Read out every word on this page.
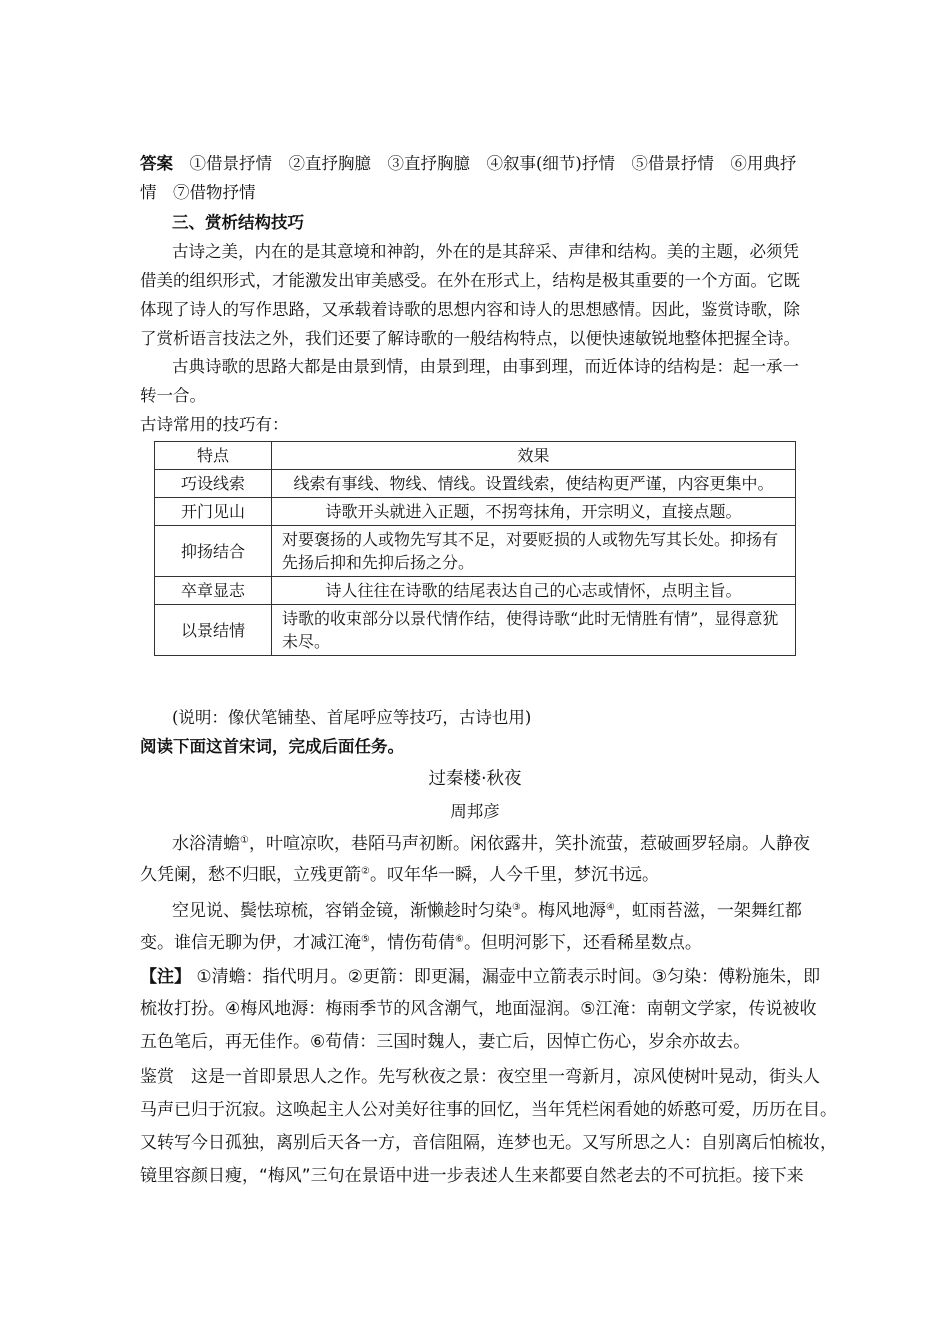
答案　 ①借景抒情　②直抒胸臆　③直抒胸臆　④叙事(细节)抒情　⑤借景抒情　⑥用典抒
情　⑦借物抒情
三、赏析结构技巧
古诗之美，内在的是其意境和神韵，外在的是其辞采、声律和结构。美的主题，必须凭
借美的组织形式，才能激发出审美感受。在外在形式上，结构是极其重要的一个方面。它既
体现了诗人的写作思路，又承载着诗歌的思想内容和诗人的思想感情。因此，鉴赏诗歌，除
了赏析语言技法之外，我们还要了解诗歌的一般结构特点，以便快速敏锐地整体把握全诗。
古典诗歌的思路大都是由景到情，由景到理，由事到理，而近体诗的结构是：起一承一
转一合。
古诗常用的技巧有：
特点	效果
巧设线索	线索有事线、物线、情线。设置线索，使结构更严谨，内容更集中。
开门见山	诗歌开头就进入正题，不拐弯抹角，开宗明义，直接点题。
抑扬结合	对要褒扬的人或物先写其不足，对要贬损的人或物先写其长处。抑扬有先扬后抑和先抑后扬之分。
卒章显志	诗人往往在诗歌的结尾表达自己的心志或情怀，点明主旨。
以景结情	诗歌的收束部分以景代情作结，使得诗歌“此时无情胜有情”，显得意犹未尽。
(说明：像伏笔铺垫、首尾呼应等技巧，古诗也用)
阅读下面这首宋词，完成后面任务。
过秦楼·秋夜
周邦彦
水浴清蟾①，叶喧凉吹，巷陌马声初断。闲依露井，笑扑流萤，惹破画罗轻扇。人静夜
久凭阑，愁不归眠，立残更箭②。叹年华一瞬，人今千里，梦沉书远。
空见说、鬓怯琼梳，容销金镜，渐懒趁时匀染③。梅风地溽④，虹雨苔滋，一架舞红都
变。谁信无聊为伊，才减江淹⑤，情伤荀倩⑥。但明河影下，还看稀星数点。
【注】 ①清蟾：指代明月。②更箭：即更漏，漏壶中立箭表示时间。③匀染：傅粉施朱，即
梳妆打扮。④梅风地溽：梅雨季节的风含潮气，地面湿润。⑤江淹：南朝文学家，传说被收
五色笔后，再无佳作。⑥荀倩：三国时魏人，妻亡后，因悼亡伤心，岁余亦故去。
鉴赏　 这是一首即景思人之作。先写秋夜之景：夜空里一弯新月，凉风使树叶晃动，街头人
马声已归于沉寂。这唤起主人公对美好往事的回忆，当年凭栏闲看她的娇憨可爱，历历在目。
又转写今日孤独，离别后天各一方，音信阻隔，连梦也无。又写所思之人：自别离后怕梳妆，
镜里容颜日瘦，“梅风”三句在景语中进一步表述人生来都要自然老去的不可抗拒。接下来
